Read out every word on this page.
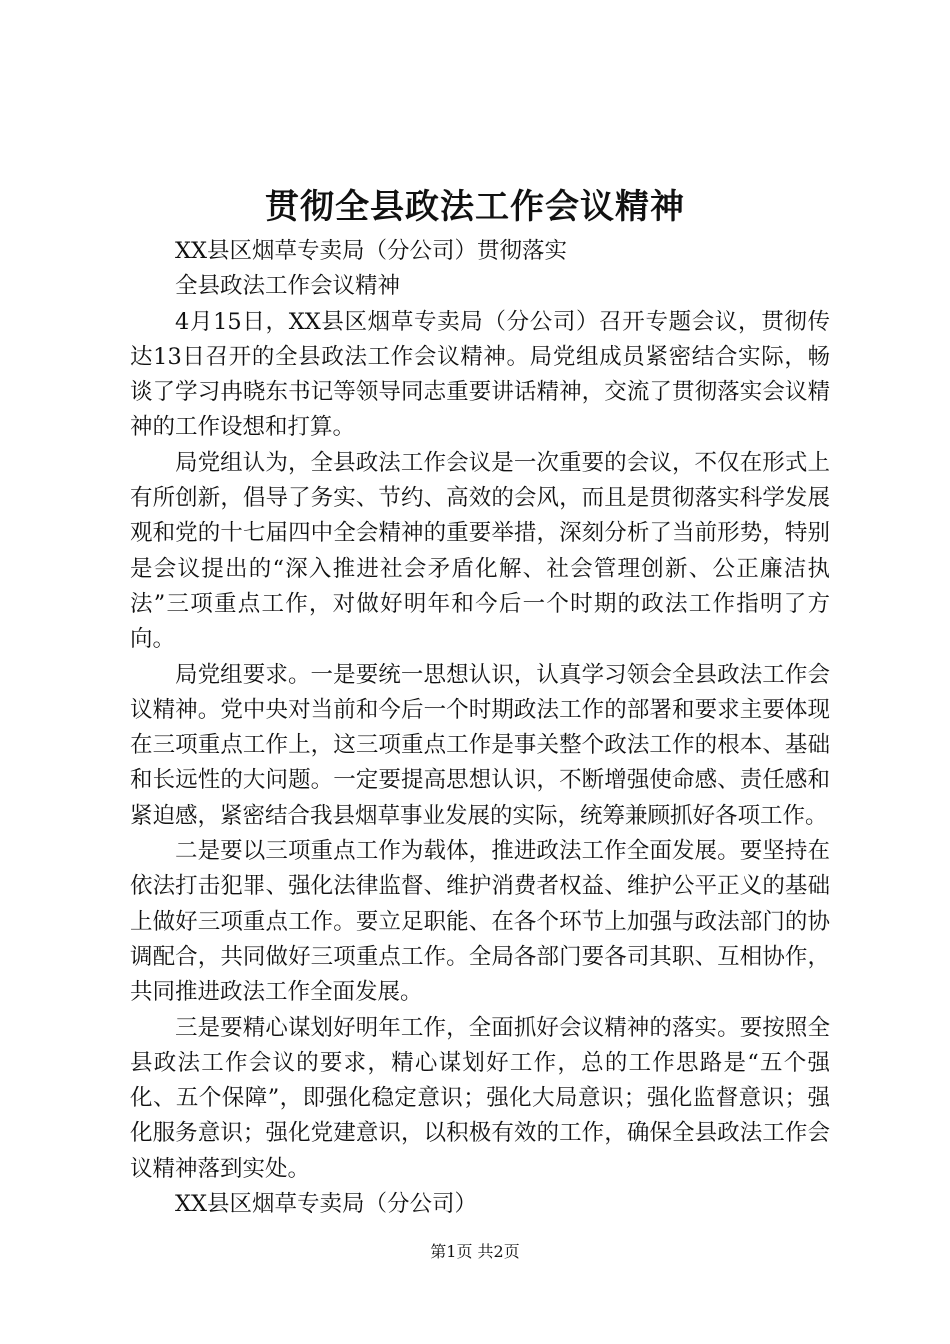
贯彻全县政法工作会议精神

XX县区烟草专卖局（分公司）贯彻落实

全县政法工作会议精神

4月15日，XX县区烟草专卖局（分公司）召开专题会议，贯彻传达13日召开的全县政法工作会议精神。局党组成员紧密结合实际，畅谈了学习冉晓东书记等领导同志重要讲话精神，交流了贯彻落实会议精神的工作设想和打算。

局党组认为，全县政法工作会议是一次重要的会议，不仅在形式上有所创新，倡导了务实、节约、高效的会风，而且是贯彻落实科学发展观和党的十七届四中全会精神的重要举措，深刻分析了当前形势，特别是会议提出的“深入推进社会矛盾化解、社会管理创新、公正廉洁执法”三项重点工作，对做好明年和今后一个时期的政法工作指明了方向。

局党组要求。一是要统一思想认识，认真学习领会全县政法工作会议精神。党中央对当前和今后一个时期政法工作的部署和要求主要体现在三项重点工作上，这三项重点工作是事关整个政法工作的根本、基础和长远性的大问题。一定要提高思想认识，不断增强使命感、责任感和紧迫感，紧密结合我县烟草事业发展的实际，统筹兼顾抓好各项工作。

二是要以三项重点工作为载体，推进政法工作全面发展。要坚持在依法打击犯罪、强化法律监督、维护消费者权益、维护公平正义的基础上做好三项重点工作。要立足职能、在各个环节上加强与政法部门的协调配合，共同做好三项重点工作。全局各部门要各司其职、互相协作，共同推进政法工作全面发展。

三是要精心谋划好明年工作，全面抓好会议精神的落实。要按照全县政法工作会议的要求，精心谋划好工作，总的工作思路是“五个强化、五个保障”，即强化稳定意识；强化大局意识；强化监督意识；强化服务意识；强化党建意识，以积极有效的工作，确保全县政法工作会议精神落到实处。

XX县区烟草专卖局（分公司）

第1页 共2页
